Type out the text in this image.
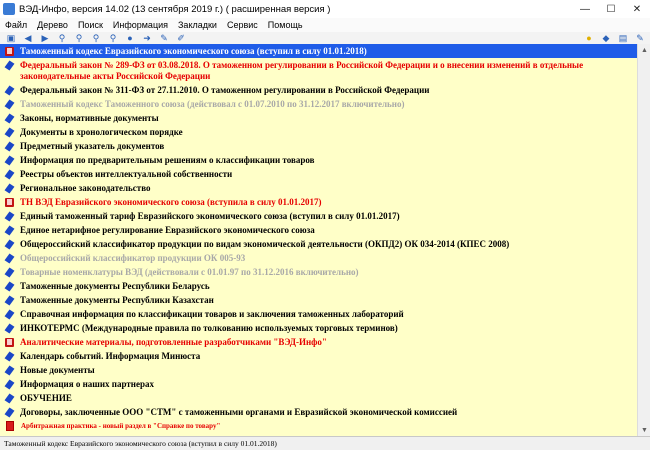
ВЭД-Инфо, версия 14.02 (13 сентября 2019 г.) ( расширенная версия )	—	☐	✕
Файл	Дерево	Поиск	Информация	Закладки	Сервис	Помощь
▣ ◀ ▶	⚲	⚲	⚲	⚲	●	➜ ✎ ✐	●	◆ ▤ ✎
Таможенный кодекс Евразийского экономического союза (вступил в силу 01.01.2018)
Федеральный закон № 289-ФЗ от 03.08.2018. О таможенном регулировании в Российской Федерации и о внесении изменений в отдельные законодательные акты Российской Федерации
Федеральный закон № 311-ФЗ от 27.11.2010. О таможенном регулировании в Российской Федерации
Таможенный кодекс Таможенного союза (действовал с 01.07.2010 по 31.12.2017 включительно)
Законы, нормативные документы
Документы в хронологическом порядке
Предметный указатель документов
Информация по предварительным решениям о классификации товаров
Реестры объектов интеллектуальной собственности
Региональное законодательство
ТН ВЭД Евразийского экономического союза (вступила в силу 01.01.2017)
Единый таможенный тариф Евразийского экономического союза (вступил в силу 01.01.2017)
Единое нетарифное регулирование Евразийского экономического союза
Общероссийский классификатор продукции по видам экономической деятельности (ОКПД2) ОК 034-2014 (КПЕС 2008)
Общероссийский классификатор продукции ОК 005-93
Товарные номенклатуры ВЭД (действовали с 01.01.97 по 31.12.2016 включительно)
Таможенные документы Республики Беларусь
Таможенные документы Республики Казахстан
Справочная информация по классификации товаров и заключения таможенных лабораторий
ИНКОТЕРМС (Международные правила по толкованию используемых торговых терминов)
Аналитические материалы, подготовленные разработчиками "ВЭД-Инфо"
Календарь событий. Информация Минюста
Новые документы
Информация о наших партнерах
ОБУЧЕНИЕ
Договоры, заключенные ООО "СТМ" с таможенными органами и Евразийской экономической комиссией
Арбитражная практика - новый раздел в "Справке по товару"
▲
▼
Таможенный кодекс Евразийского экономического союза (вступил в силу 01.01.2018)
